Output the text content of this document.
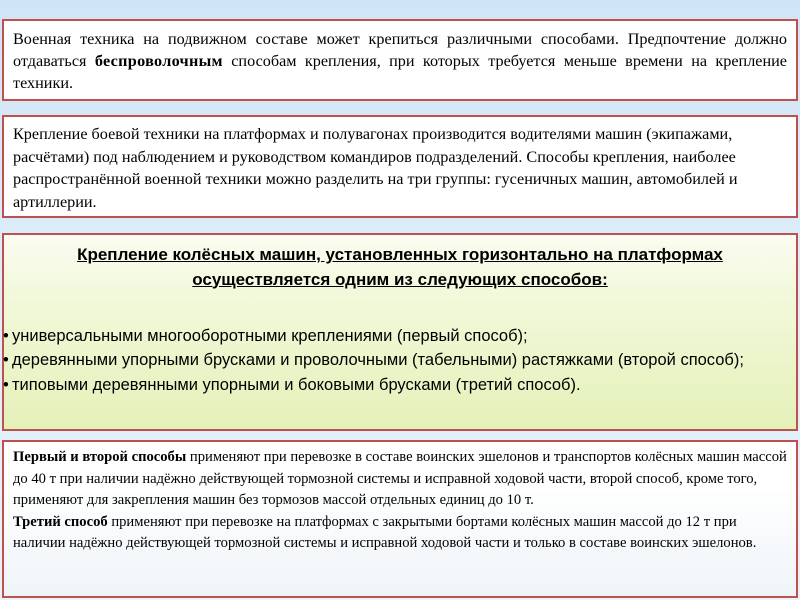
Военная техника на подвижном составе может крепиться различными способами. Предпочтение должно отдаваться беспроволочным способам крепления, при которых требуется меньше времени на крепление техники.
Крепление боевой техники на платформах и полувагонах производится водителями машин (экипажами, расчётами) под наблюдением и руководством командиров подразделений. Способы крепления, наиболее распространённой военной техники можно разделить на три группы: гусеничных машин, автомобилей и артиллерии.
Крепление колёсных машин, установленных горизонтально на платформах осуществляется одним из следующих способов:
• универсальными многооборотными креплениями (первый способ);
• деревянными упорными брусками и проволочными (табельными) растяжками (второй способ);
• типовыми деревянными упорными и боковыми брусками (третий способ).
Первый и второй способы применяют при перевозке в составе воинских эшелонов и транспортов колёсных машин массой до 40 т при наличии надёжно действующей тормозной системы и исправной ходовой части, второй способ, кроме того, применяют для закрепления машин без тормозов массой отдельных единиц до 10 т.
Третий способ применяют при перевозке на платформах с закрытыми бортами колёсных машин массой до 12 т при наличии надёжно действующей тормозной системы и исправной ходовой части и только в составе воинских эшелонов.
